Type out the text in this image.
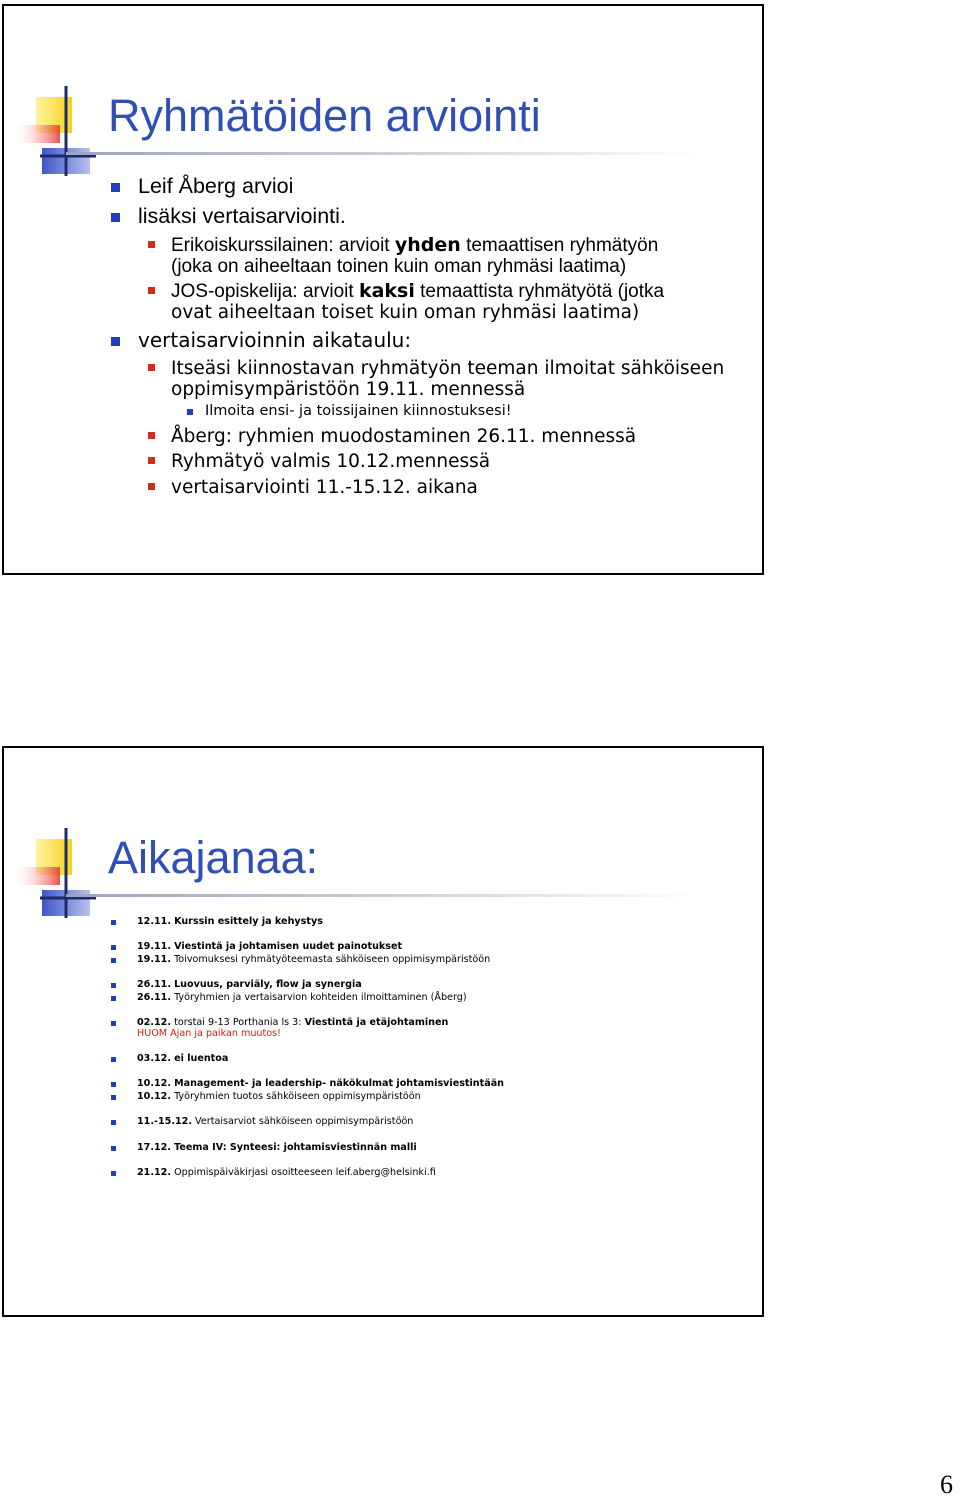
Ryhmätöiden arviointi
Leif Åberg arvioi
lisäksi vertaisarviointi.
Erikoiskurssilainen: arvioit yhden temaattisen ryhmätyön
(joka on aiheeltaan toinen kuin oman ryhmäsi laatima)
JOS-opiskelija: arvioit kaksi temaattista ryhmätyötä (jotka
ovat aiheeltaan toiset kuin oman ryhmäsi laatima)
vertaisarvioinnin aikataulu:
Itseäsi kiinnostavan ryhmätyön teeman ilmoitat sähköiseen
oppimisympäristöön 19.11. mennessä
Ilmoita ensi- ja toissijainen kiinnostuksesi!
Åberg: ryhmien muodostaminen 26.11. mennessä
Ryhmätyö valmis 10.12.mennessä
vertaisarviointi 11.-15.12. aikana
Aikajanaa:
12.11. Kurssin esittely ja kehystys
19.11. Viestintä ja johtamisen uudet painotukset
19.11. Toivomuksesi ryhmätyöteemasta sähköiseen oppimisympäristöön
26.11. Luovuus, parviäly, flow ja synergia
26.11. Työryhmien ja vertaisarvion kohteiden ilmoittaminen (Åberg)
02.12. torstai 9-13 Porthania ls 3: Viestintä ja etäjohtaminen
HUOM Ajan ja paikan muutos!
03.12. ei luentoa
10.12. Management- ja leadership- näkökulmat johtamisviestintään
10.12. Työryhmien tuotos sähköiseen oppimisympäristöön
11.-15.12. Vertaisarviot sähköiseen oppimisympäristöön
17.12. Teema IV: Synteesi: johtamisviestinnän malli
21.12. Oppimispäiväkirjasi osoitteeseen leif.aberg@helsinki.fi
6
